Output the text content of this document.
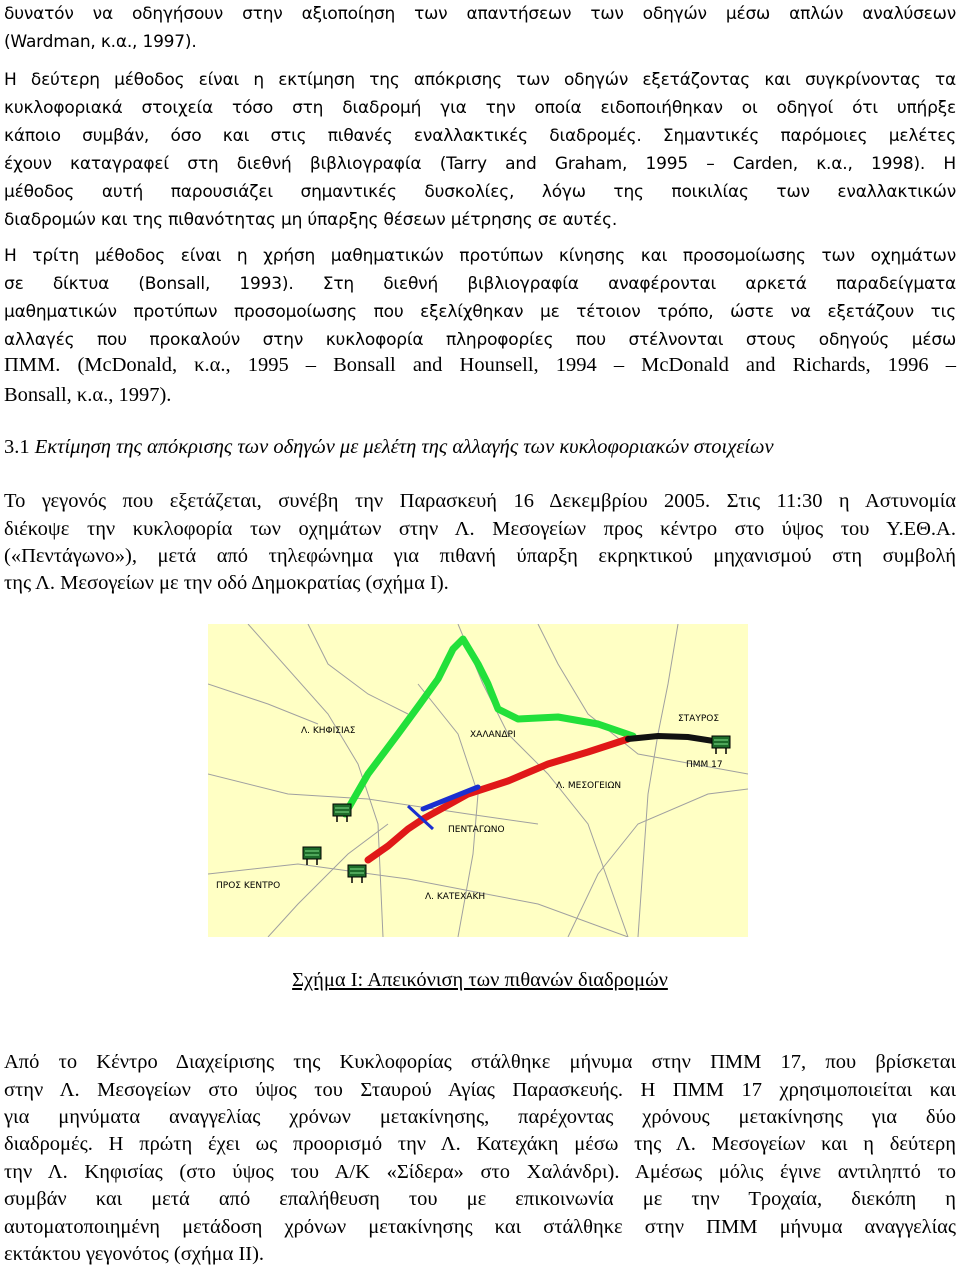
δυνατόν να οδηγήσουν στην αξιοποίηση των απαντήσεων των οδηγών μέσω απλών αναλύσεων
(Wardman, κ.α., 1997).
Η δεύτερη μέθοδος είναι η εκτίμηση της απόκρισης των οδηγών εξετάζοντας και συγκρίνοντας τα
κυκλοφοριακά στοιχεία τόσο στη διαδρομή για την οποία ειδοποιήθηκαν οι οδηγοί ότι υπήρξε
κάποιο συμβάν, όσο και στις πιθανές εναλλακτικές διαδρομές. Σημαντικές παρόμοιες μελέτες
έχουν καταγραφεί στη διεθνή βιβλιογραφία (Tarry and Graham, 1995 – Carden, κ.α., 1998). Η
μέθοδος αυτή παρουσιάζει σημαντικές δυσκολίες, λόγω της ποικιλίας των εναλλακτικών
διαδρομών και της πιθανότητας μη ύπαρξης θέσεων μέτρησης σε αυτές.
Η τρίτη μέθοδος είναι η χρήση μαθηματικών προτύπων κίνησης και προσομοίωσης των οχημάτων
σε δίκτυα (Bonsall, 1993). Στη διεθνή βιβλιογραφία αναφέρονται αρκετά παραδείγματα
μαθηματικών προτύπων προσομοίωσης που εξελίχθηκαν με τέτοιον τρόπο, ώστε να εξετάζουν τις
αλλαγές που προκαλούν στην κυκλοφορία πληροφορίες που στέλνονται στους οδηγούς μέσω
ΠΜΜ. (McDonald, κ.α., 1995 – Bonsall and Hounsell, 1994 – McDonald and Richards, 1996 –
Bonsall, κ.α., 1997).
3.1 Εκτίμηση της απόκρισης των οδηγών με μελέτη της αλλαγής των κυκλοφοριακών στοιχείων
Το γεγονός που εξετάζεται, συνέβη την Παρασκευή 16 Δεκεμβρίου 2005. Στις 11:30 η Αστυνομία
διέκοψε την κυκλοφορία των οχημάτων στην Λ. Μεσογείων προς κέντρο στο ύψος του Υ.ΕΘ.Α.
(«Πεντάγωνο»), μετά από τηλεφώνημα για πιθανή ύπαρξη εκρηκτικού μηχανισμού στη συμβολή
της Λ. Μεσογείων με την οδό Δημοκρατίας (σχήμα Ι).
Λ. ΚΗΦΙΣΙΑΣ	ΧΑΛΑΝΔΡΙ
ΣΤΑΥΡΟΣ
ΠΜΜ 17
Λ. ΜΕΣΟΓΕΙΩΝ
ΠΕΝΤΑΓΩΝΟ
ΠΡΟΣ ΚΕΝΤΡΟ
Λ. ΚΑΤΕΧΑΚΗ
Σχήμα Ι: Απεικόνιση των πιθανών διαδρομών
Από το Κέντρο Διαχείρισης της Κυκλοφορίας στάλθηκε μήνυμα στην ΠΜΜ 17, που βρίσκεται
στην Λ. Μεσογείων στο ύψος του Σταυρού Αγίας Παρασκευής. Η ΠΜΜ 17 χρησιμοποιείται και
για μηνύματα αναγγελίας χρόνων μετακίνησης, παρέχοντας χρόνους μετακίνησης για δύο
διαδρομές. Η πρώτη έχει ως προορισμό την Λ. Κατεχάκη μέσω της Λ. Μεσογείων και η δεύτερη
την Λ. Κηφισίας (στο ύψος του Α/Κ «Σίδερα» στο Χαλάνδρι). Αμέσως μόλις έγινε αντιληπτό το
συμβάν και μετά από επαλήθευση του με επικοινωνία με την Τροχαία, διεκόπη η
αυτοματοποιημένη μετάδοση χρόνων μετακίνησης και στάλθηκε στην ΠΜΜ μήνυμα αναγγελίας
εκτάκτου γεγονότος (σχήμα ΙΙ).
